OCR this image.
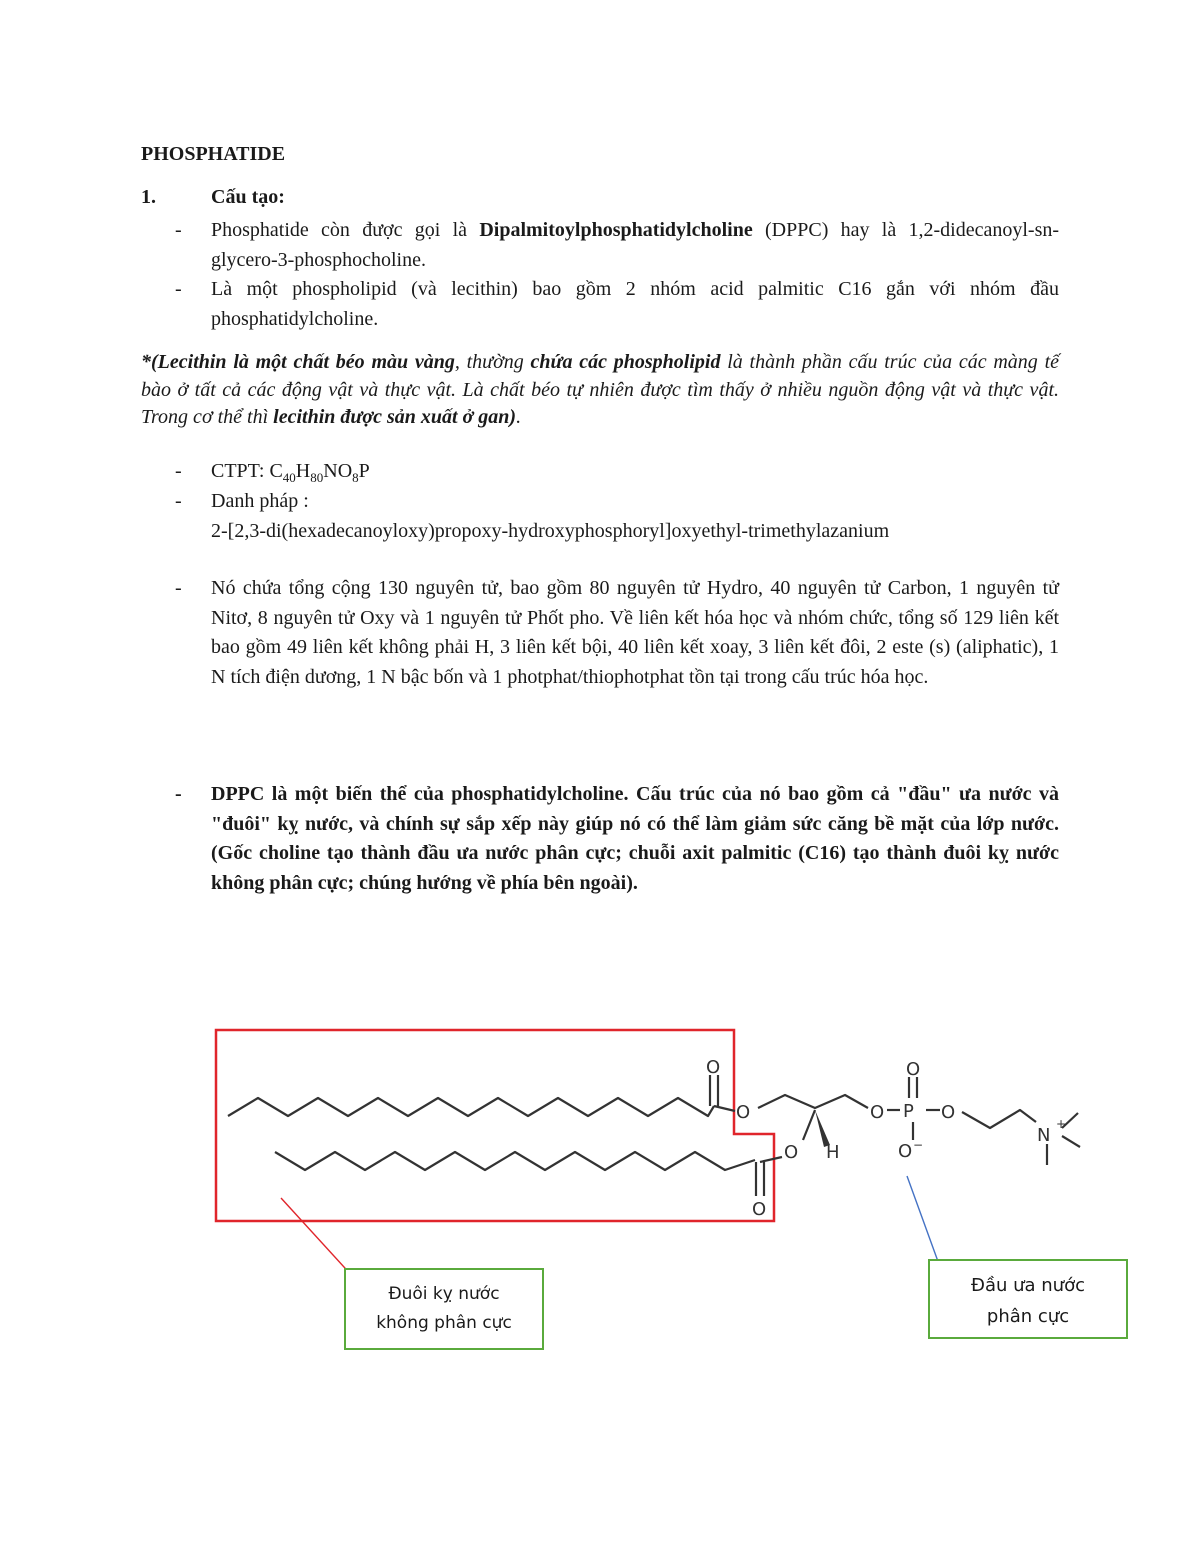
PHOSPHATIDE
1.	Cấu tạo:
- Phosphatide còn được gọi là Dipalmitoylphosphatidylcholine (DPPC) hay là 1,2-didecanoyl-sn-glycero-3-phosphocholine.
- Là một phospholipid (và lecithin) bao gồm 2 nhóm acid palmitic C16 gắn với nhóm đầu phosphatidylcholine.
*(Lecithin là một chất béo màu vàng, thường chứa các phospholipid là thành phần cấu trúc của các màng tế bào ở tất cả các động vật và thực vật. Là chất béo tự nhiên được tìm thấy ở nhiều nguồn động vật và thực vật. Trong cơ thể thì lecithin được sản xuất ở gan).
- CTPT: $C_{40}H_{80}NO_8P$
- Danh pháp :
2-[2,3-di(hexadecanoyloxy)propoxy-hydroxyphosphoryl]oxyethyl-trimethylazanium
- Nó chứa tổng cộng 130 nguyên tử, bao gồm 80 nguyên tử Hydro, 40 nguyên tử Carbon, 1 nguyên tử Nitơ, 8 nguyên tử Oxy và 1 nguyên tử Phốt pho. Về liên kết hóa học và nhóm chức, tổng số 129 liên kết bao gồm 49 liên kết không phải H, 3 liên kết bội, 40 liên kết xoay, 3 liên kết đôi, 2 este (s) (aliphatic), 1 N tích điện dương, 1 N bậc bốn và 1 photphat/thiophotphat tồn tại trong cấu trúc hóa học.
- DPPC là một biến thể của phosphatidylcholine. Cấu trúc của nó bao gồm cả "đầu" ưa nước và "đuôi" kỵ nước, và chính sự sắp xếp này giúp nó có thể làm giảm sức căng bề mặt của lớp nước. (Gốc choline tạo thành đầu ưa nước phân cực; chuỗi axit palmitic (C16) tạo thành đuôi kỵ nước không phân cực; chúng hướng về phía bên ngoài).
O
O
O
O H
O P
O
O
O −	N
+
Đuôi kỵ nước
không phân cực
Đầu ưa nước
phân cực
